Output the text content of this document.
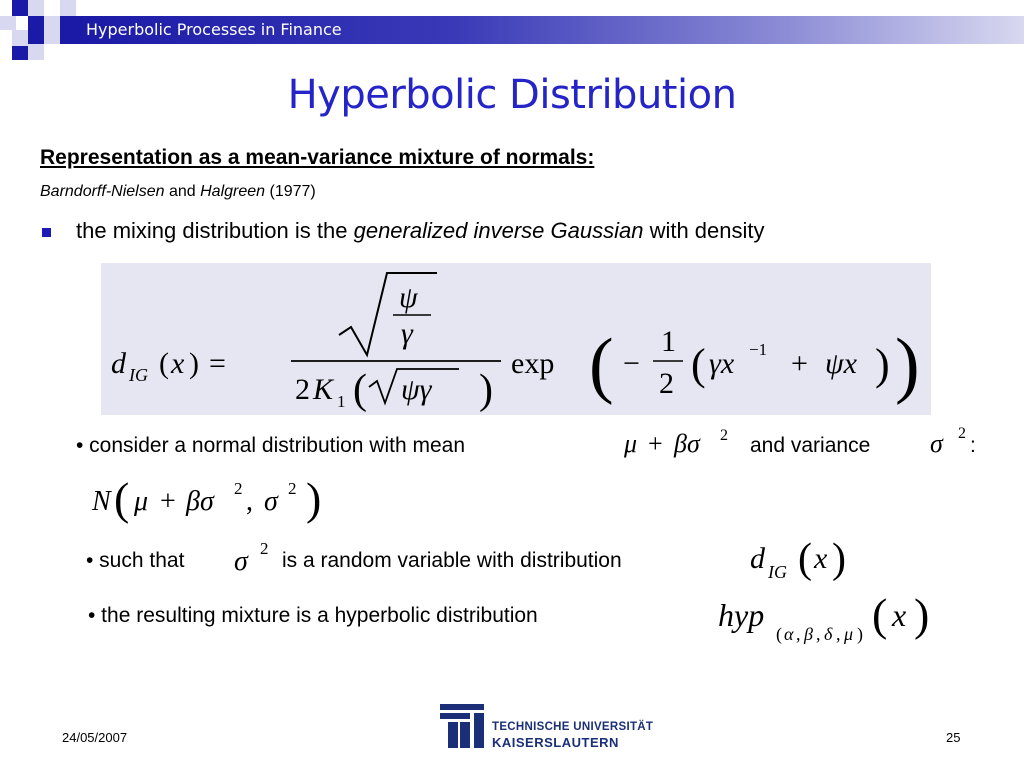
Hyperbolic Processes in Finance
Hyperbolic Distribution
Representation as a mean-variance mixture of normals:
Barndorff-Nielsen and Halgreen (1977)
the mixing distribution is the generalized inverse Gaussian with density
d IG ( x ) =
ψ
γ
2 K 1 ( ψγ )
exp ( −
1
2 ( γx −1 + ψx ) )
• consider a normal distribution with mean	μ + βσ 2 and variance σ 2
:
N ( μ + βσ 2 , σ 2 )
• such that σ 2
is a random variable with distribution	d IG ( x )
• the resulting mixture is a hyperbolic distribution	hyp
( α , β , δ , μ ) ( x )
24/05/2007	25
TECHNISCHE UNIVERSITÄT
KAISERSLAUTERN
